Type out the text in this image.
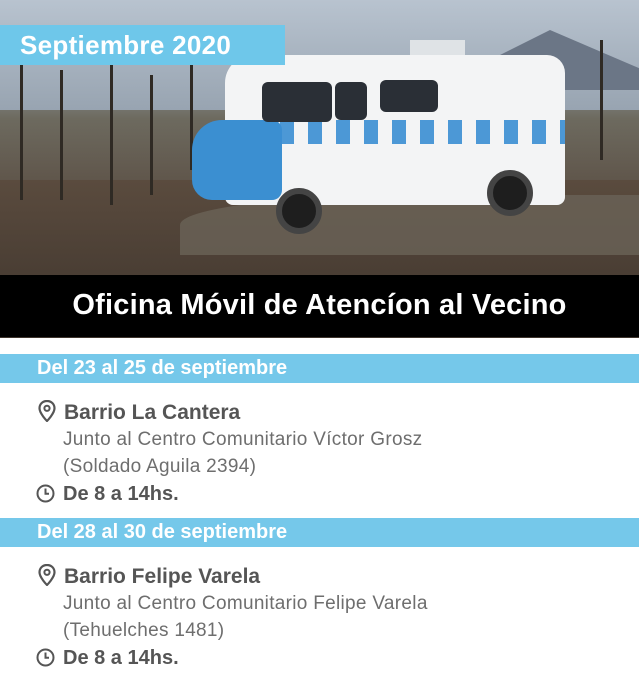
Septiembre 2020
Oficina Móvil de Atencíon al Vecino
Del 23 al 25 de septiembre
Barrio La Cantera
Junto al Centro Comunitario Víctor Grosz
(Soldado Aguila 2394)
De 8 a 14hs.
Del 28 al 30 de septiembre
Barrio Felipe Varela
Junto al Centro Comunitario Felipe Varela
(Tehuelches 1481)
De 8 a 14hs.
